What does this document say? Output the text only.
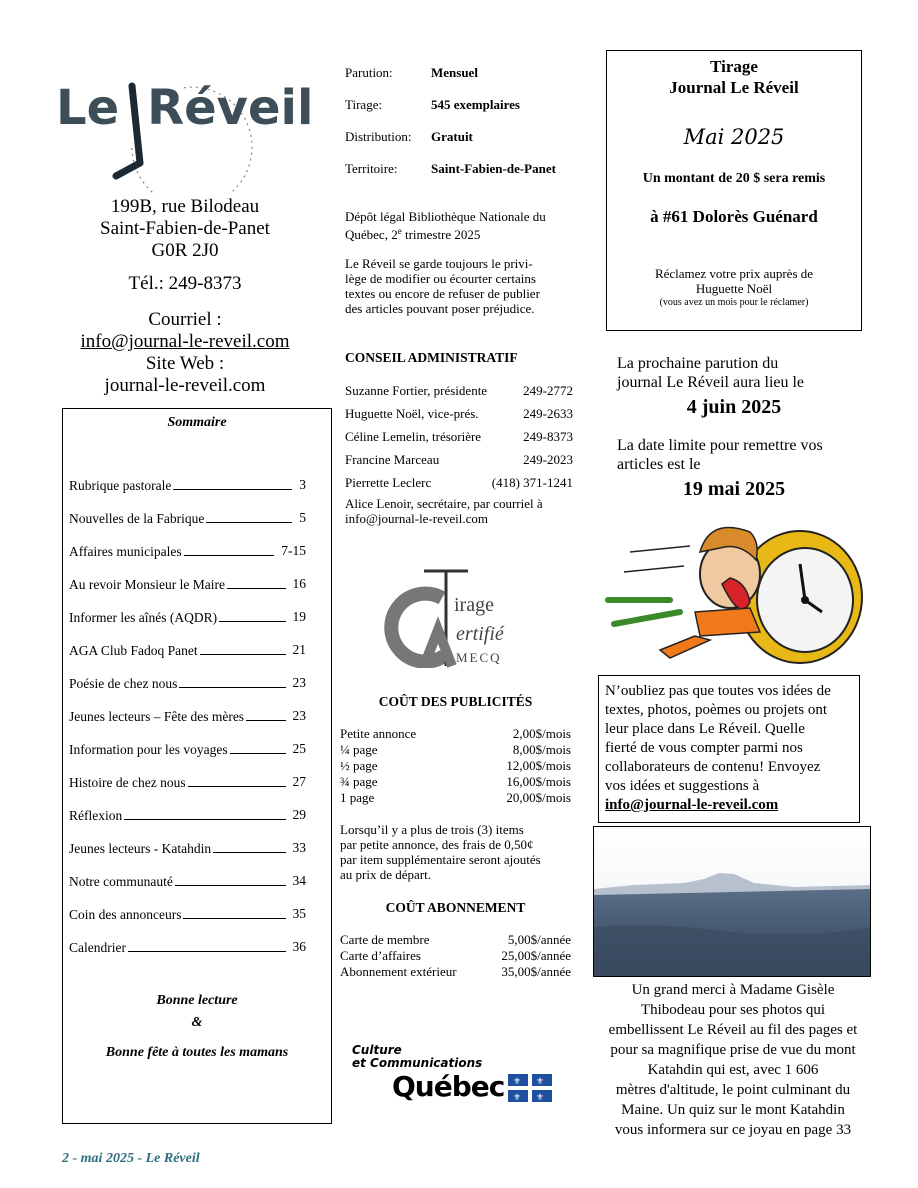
Le Réveil
199B, rue Bilodeau
Saint-Fabien-de-Panet
G0R 2J0
Tél.: 249-8373
Courriel :
info@journal-le-reveil.com
Site Web :
journal-le-reveil.com
Sommaire
Rubrique pastorale	3
Nouvelles de la Fabrique	5
Affaires municipales	7-15
Au revoir Monsieur le Maire	16
Informer les aînés (AQDR)	19
AGA Club Fadoq Panet	21
Poésie de chez nous	23
Jeunes lecteurs – Fête des mères	23
Information pour les voyages	25
Histoire de chez nous	27
Réflexion	29
Jeunes lecteurs - Katahdin	33
Notre communauté	34
Coin des annonceurs	35
Calendrier	36
Bonne lecture
&
Bonne fête à toutes les mamans
Parution:	Mensuel
Tirage:	545 exemplaires
Distribution: Gratuit
Territoire:	Saint-Fabien-de-Panet
Dépôt légal Bibliothèque Nationale du
Québec, 2e trimestre 2025
Le Réveil se garde toujours le privi-
lège de modifier ou écourter certains
textes ou encore de refuser de publier
des articles pouvant poser préjudice.
CONSEIL ADMINISTRATIF
Alice Lenoir, secrétaire, par courriel à
info@journal-le-reveil.com
irage
ertifié
MECQ
COÛT DES PUBLICITÉS
Lorsqu’il y a plus de trois (3) items
par petite annonce, des frais de 0,50¢
par item supplémentaire seront ajoutés
au prix de départ.
COÛT ABONNEMENT
Culture
et Communications
Québec ⚜ ⚜
⚜ ⚜
Tirage
Journal Le Réveil
Mai 2025
Un montant de 20 $ sera remis
à #61 Dolorès Guénard
Réclamez votre prix auprès de
Huguette Noël
(vous avez un mois pour le réclamer)
La prochaine parution du
journal Le Réveil aura lieu le
4 juin 2025
La date limite pour remettre vos
articles est le
19 mai 2025
N’oubliez pas que toutes vos idées de
textes, photos, poèmes ou projets ont
leur place dans Le Réveil. Quelle
fierté de vous compter parmi nos
collaborateurs de contenu! Envoyez
vos idées et suggestions à
info@journal-le-reveil.com
Un grand merci à Madame Gisèle
Thibodeau pour ses photos qui
embellissent Le Réveil au fil des pages et
pour sa magnifique prise de vue du mont
Katahdin qui est, avec 1 606
mètres d'altitude, le point culminant du
Maine. Un quiz sur le mont Katahdin
vous informera sur ce joyau en page 33
2 - mai 2025 - Le Réveil
Suzanne Fortier, présidente	249-2772
Huguette Noël, vice-prés.	249-2633
Céline Lemelin, trésorière	249-8373
Francine Marceau	249-2023
Pierrette Leclerc	(418) 371-1241
Petite annonce	2,00$/mois
¼ page	8,00$/mois
½ page	12,00$/mois
¾ page	16,00$/mois
1 page	20,00$/mois
Carte de membre	5,00$/année
Carte d’affaires	25,00$/année
Abonnement extérieur	35,00$/année
